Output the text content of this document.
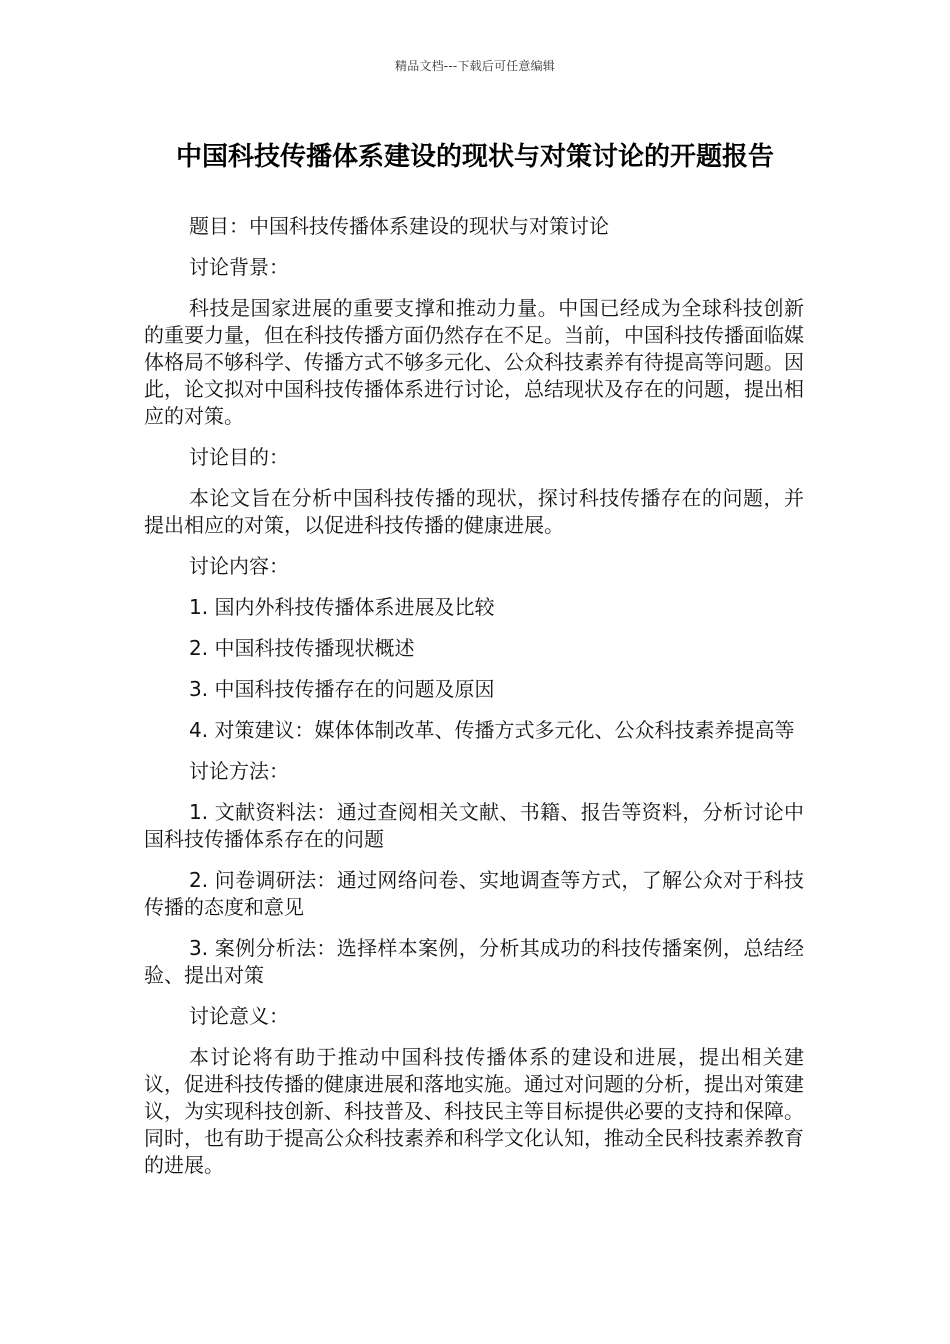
精品文档---下载后可任意编辑
中国科技传播体系建设的现状与对策讨论的开题报告

题目：中国科技传播体系建设的现状与对策讨论

讨论背景：

科技是国家进展的重要支撑和推动力量。中国已经成为全球科技创新的重要力量，但在科技传播方面仍然存在不足。当前，中国科技传播面临媒体格局不够科学、传播方式不够多元化、公众科技素养有待提高等问题。因此，论文拟对中国科技传播体系进行讨论，总结现状及存在的问题，提出相应的对策。

讨论目的：

本论文旨在分析中国科技传播的现状，探讨科技传播存在的问题，并提出相应的对策，以促进科技传播的健康进展。

讨论内容：

1. 国内外科技传播体系进展及比较

2. 中国科技传播现状概述

3. 中国科技传播存在的问题及原因

4. 对策建议：媒体体制改革、传播方式多元化、公众科技素养提高等

讨论方法：

1. 文献资料法：通过查阅相关文献、书籍、报告等资料，分析讨论中国科技传播体系存在的问题

2. 问卷调研法：通过网络问卷、实地调查等方式，了解公众对于科技传播的态度和意见

3. 案例分析法：选择样本案例，分析其成功的科技传播案例，总结经验、提出对策

讨论意义：

本讨论将有助于推动中国科技传播体系的建设和进展，提出相关建议，促进科技传播的健康进展和落地实施。通过对问题的分析，提出对策建议，为实现科技创新、科技普及、科技民主等目标提供必要的支持和保障。同时，也有助于提高公众科技素养和科学文化认知，推动全民科技素养教育的进展。
